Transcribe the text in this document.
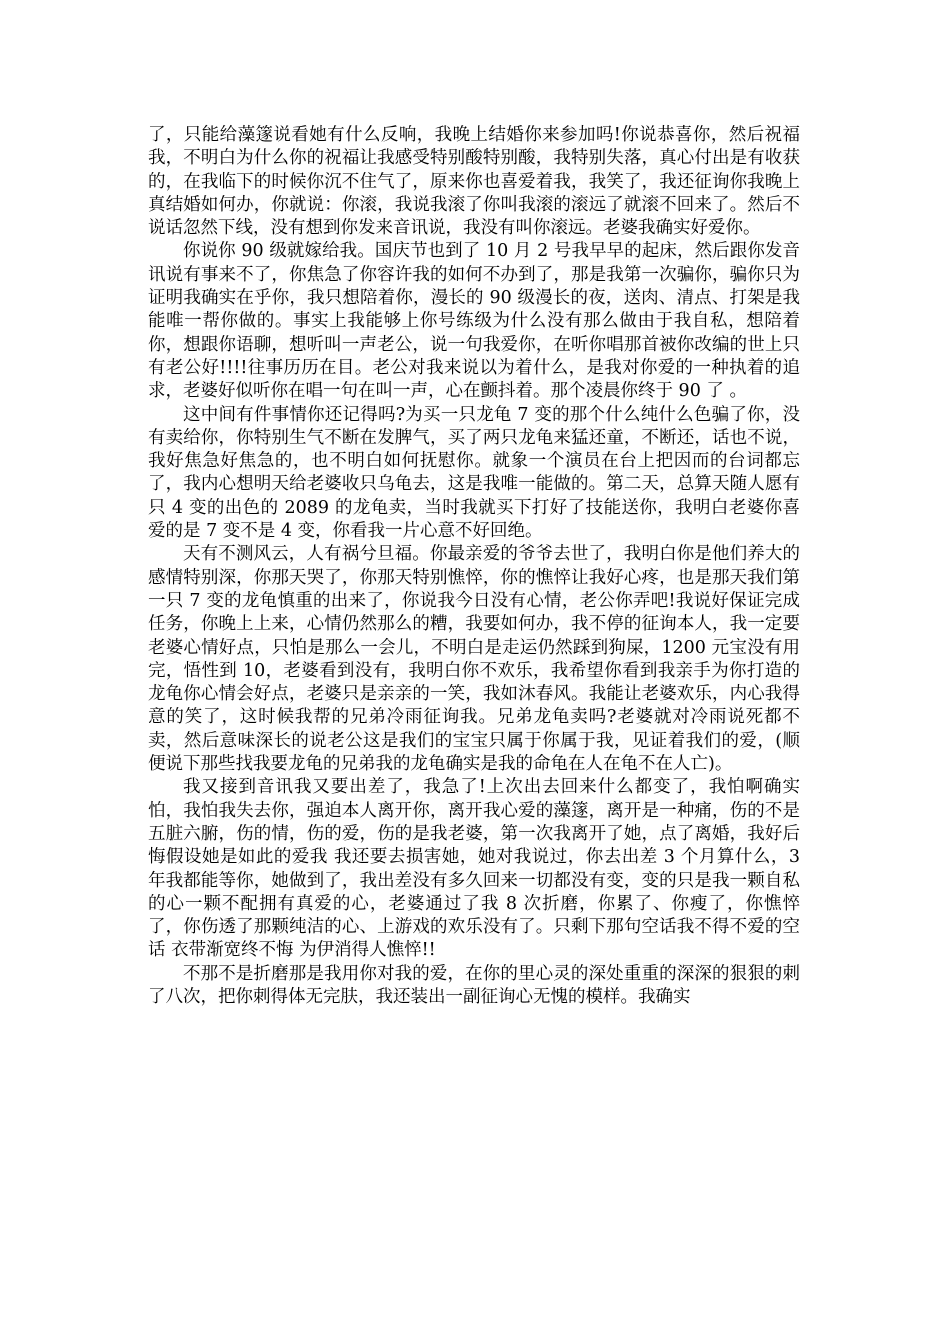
了，只能给藻篴说看她有什么反响，我晚上结婚你来参加吗!你说恭喜你，然后祝福我，不明白为什么你的祝福让我感受特别酸特别酸，我特别失落，真心付出是有收获的，在我临下的时候你沉不住气了，原来你也喜爱着我，我笑了，我还征询你我晚上真结婚如何办，你就说：你滚，我说我滚了你叫我滚的滚远了就滚不回来了。然后不说话忽然下线，没有想到你发来音讯说，我没有叫你滚远。老婆我确实好爱你。

你说你 90 级就嫁给我。国庆节也到了 10 月 2 号我早早的起床，然后跟你发音讯说有事来不了，你焦急了你容许我的如何不办到了，那是我第一次骗你，骗你只为证明我确实在乎你，我只想陪着你，漫长的 90 级漫长的夜，送肉、清点、打架是我能唯一帮你做的。事实上我能够上你号练级为什么没有那么做由于我自私，想陪着你，想跟你语聊，想听叫一声老公，说一句我爱你，在听你唱那首被你改编的世上只有老公好!!!!往事历历在目。老公对我来说以为着什么，是我对你爱的一种执着的追求，老婆好似听你在唱一句在叫一声，心在颤抖着。那个凌晨你终于 90 了 。

这中间有件事情你还记得吗?为买一只龙龟 7 变的那个什么纯什么色骗了你，没有卖给你，你特别生气不断在发脾气，买了两只龙龟来猛还童，不断还，话也不说，我好焦急好焦急的，也不明白如何抚慰你。就象一个演员在台上把因而的台词都忘了，我内心想明天给老婆收只乌龟去，这是我唯一能做的。第二天，总算天随人愿有只 4 变的出色的 2089 的龙龟卖，当时我就买下打好了技能送你，我明白老婆你喜爱的是 7 变不是 4 变，你看我一片心意不好回绝。

天有不测风云，人有祸兮旦福。你最亲爱的爷爷去世了，我明白你是他们养大的感情特别深，你那天哭了，你那天特别憔悴，你的憔悴让我好心疼，也是那天我们第一只 7 变的龙龟慎重的出来了，你说我今日没有心情，老公你弄吧!我说好保证完成任务，你晚上上来，心情仍然那么的糟，我要如何办，我不停的征询本人，我一定要老婆心情好点，只怕是那么一会儿，不明白是走运仍然踩到狗屎，1200 元宝没有用完，悟性到 10，老婆看到没有，我明白你不欢乐，我希望你看到我亲手为你打造的龙龟你心情会好点，老婆只是亲亲的一笑，我如沐春风。我能让老婆欢乐，内心我得意的笑了，这时候我帮的兄弟冷雨征询我。兄弟龙龟卖吗?老婆就对冷雨说死都不卖，然后意味深长的说老公这是我们的宝宝只属于你属于我，见证着我们的爱，(顺便说下那些找我要龙龟的兄弟我的龙龟确实是我的命龟在人在龟不在人亡)。

我又接到音讯我又要出差了，我急了!上次出去回来什么都变了，我怕啊确实怕，我怕我失去你，强迫本人离开你，离开我心爱的藻篴，离开是一种痛，伤的不是五脏六腑，伤的情，伤的爱，伤的是我老婆，第一次我离开了她，点了离婚，我好后悔假设她是如此的爱我 我还要去损害她，她对我说过，你去出差 3 个月算什么，3 年我都能等你，她做到了，我出差没有多久回来一切都没有变，变的只是我一颗自私的心一颗不配拥有真爱的心，老婆通过了我 8 次折磨，你累了、你瘦了，你憔悴了，你伤透了那颗纯洁的心、上游戏的欢乐没有了。只剩下那句空话我不得不爱的空话 衣带渐宽终不悔 为伊消得人憔悴!!

不那不是折磨那是我用你对我的爱，在你的里心灵的深处重重的深深的狠狠的刺了八次，把你刺得体无完肤，我还装出一副征询心无愧的模样。我确实
